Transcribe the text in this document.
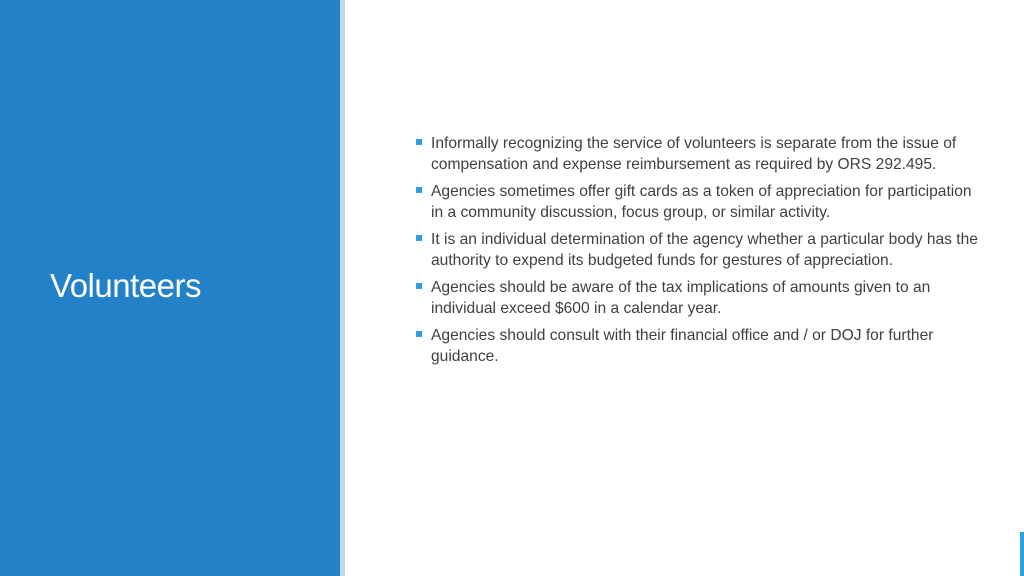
Volunteers
Informally recognizing the service of volunteers is separate from the issue of compensation and expense reimbursement as required by ORS 292.495.
Agencies sometimes offer gift cards as a token of appreciation for participation in a community discussion, focus group, or similar activity.
It is an individual determination of the agency whether a particular body has the authority to expend its budgeted funds for gestures of appreciation.
Agencies should be aware of the tax implications of amounts given to an individual exceed $600 in a calendar year.
Agencies should consult with their financial office and / or DOJ for further guidance.
